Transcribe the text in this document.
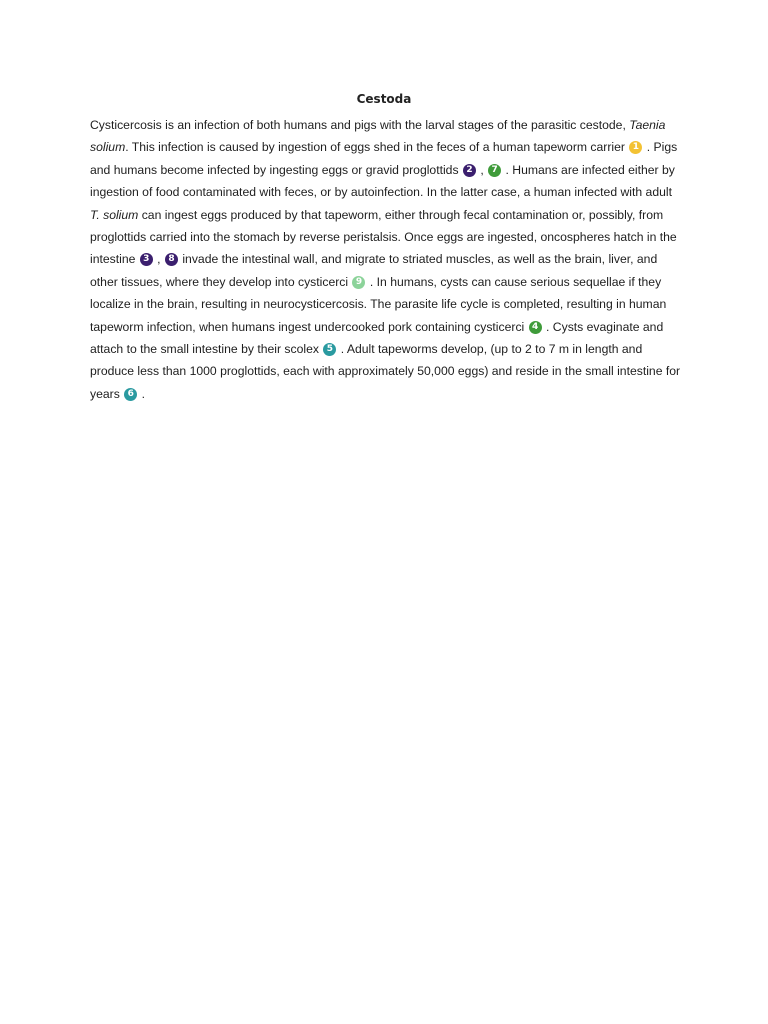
Cestoda

Cysticercosis is an infection of both humans and pigs with the larval stages of the parasitic cestode, Taenia solium. This infection is caused by ingestion of eggs shed in the feces of a human tapeworm carrier 1 . Pigs and humans become infected by ingesting eggs or gravid proglottids 2 , 7 . Humans are infected either by ingestion of food contaminated with feces, or by autoinfection. In the latter case, a human infected with adult T. solium can ingest eggs produced by that tapeworm, either through fecal contamination or, possibly, from proglottids carried into the stomach by reverse peristalsis. Once eggs are ingested, oncospheres hatch in the intestine 3 , 8 invade the intestinal wall, and migrate to striated muscles, as well as the brain, liver, and other tissues, where they develop into cysticerci 9 . In humans, cysts can cause serious sequellae if they localize in the brain, resulting in neurocysticercosis. The parasite life cycle is completed, resulting in human tapeworm infection, when humans ingest undercooked pork containing cysticerci 4 . Cysts evaginate and attach to the small intestine by their scolex 5 . Adult tapeworms develop, (up to 2 to 7 m in length and produce less than 1000 proglottids, each with approximately 50,000 eggs) and reside in the small intestine for years 6 .
